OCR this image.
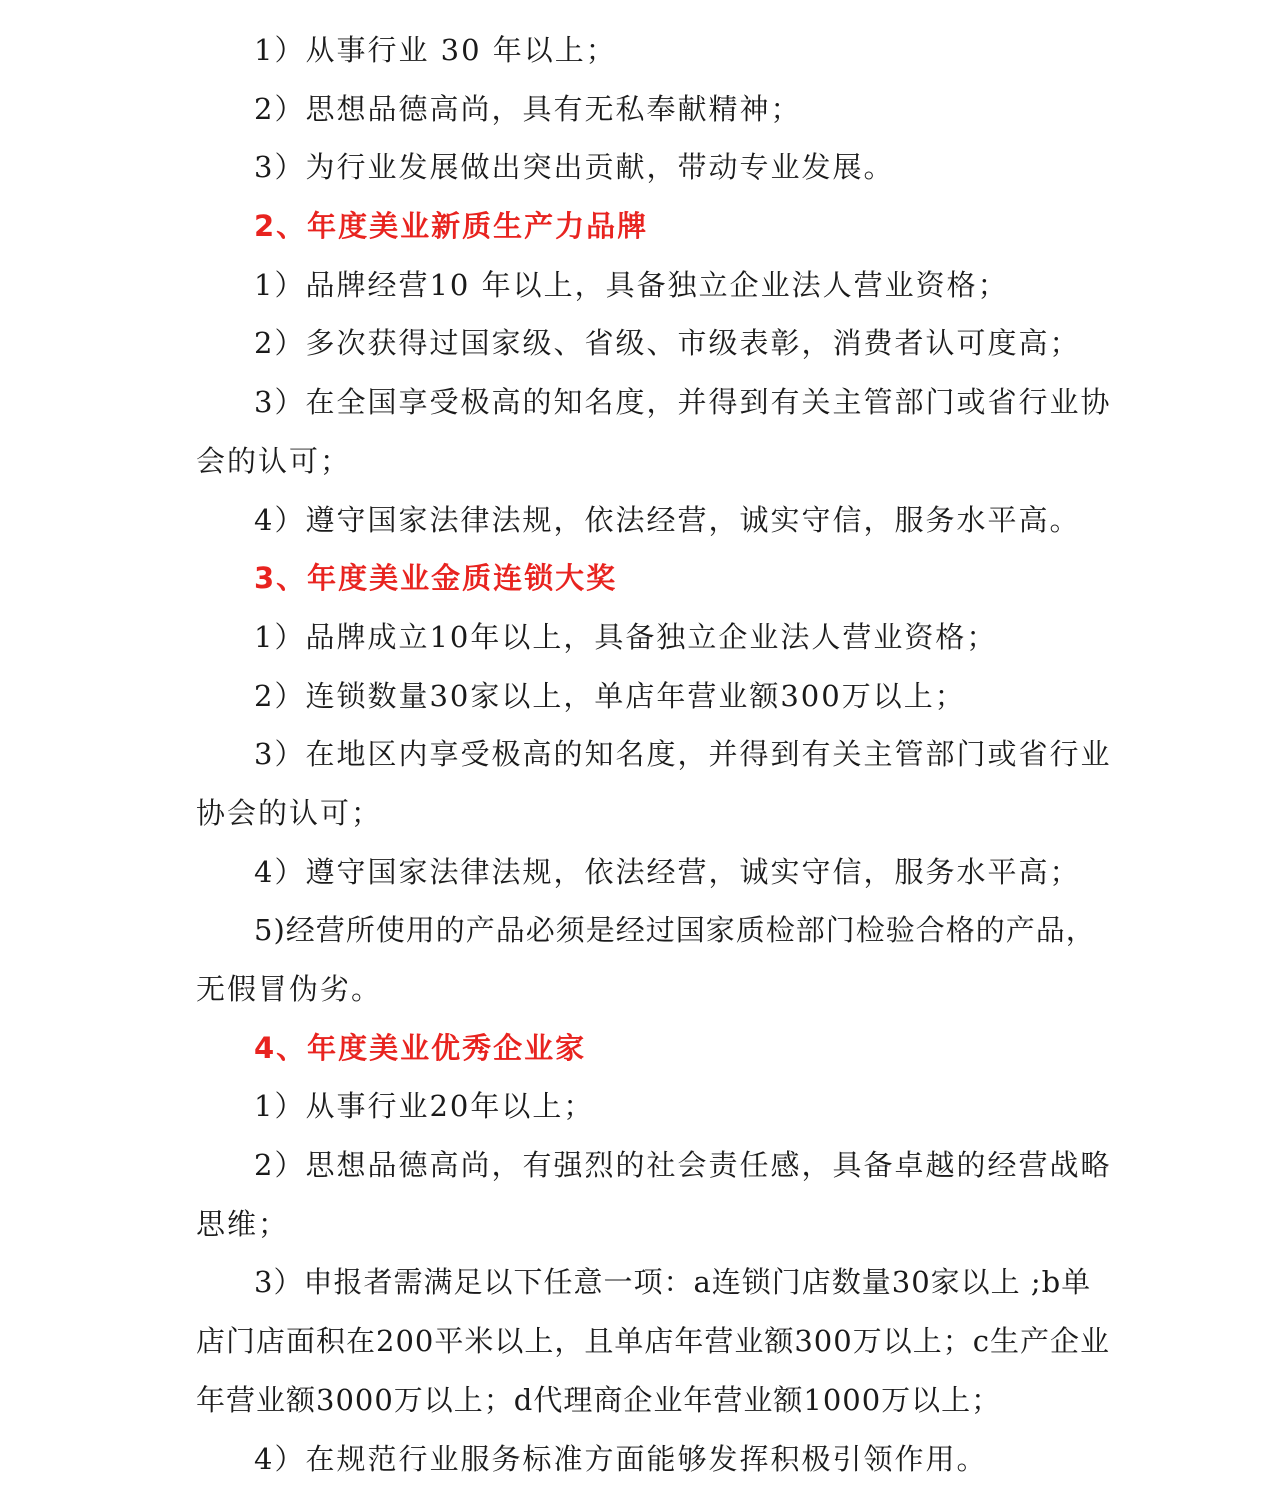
1）从事行业 30 年以上；
2）思想品德高尚，具有无私奉献精神；
3）为行业发展做出突出贡献，带动专业发展。
2、年度美业新质生产力品牌
1）品牌经营10 年以上，具备独立企业法人营业资格；
2）多次获得过国家级、省级、市级表彰，消费者认可度高；
3）在全国享受极高的知名度，并得到有关主管部门或省行业协
会的认可；
4）遵守国家法律法规，依法经营，诚实守信，服务水平高。
3、年度美业金质连锁大奖
1）品牌成立10年以上，具备独立企业法人营业资格；
2）连锁数量30家以上，单店年营业额300万以上；
3）在地区内享受极高的知名度，并得到有关主管部门或省行业
协会的认可；
4）遵守国家法律法规，依法经营，诚实守信，服务水平高；
5)经营所使用的产品必须是经过国家质检部门检验合格的产品，
无假冒伪劣。
4、年度美业优秀企业家
1）从事行业20年以上；
2）思想品德高尚，有强烈的社会责任感，具备卓越的经营战略
思维；
3）申报者需满足以下任意一项：a连锁门店数量30家以上 ;b单
店门店面积在200平米以上，且单店年营业额300万以上；c生产企业
年营业额3000万以上；d代理商企业年营业额1000万以上；
4）在规范行业服务标准方面能够发挥积极引领作用。
